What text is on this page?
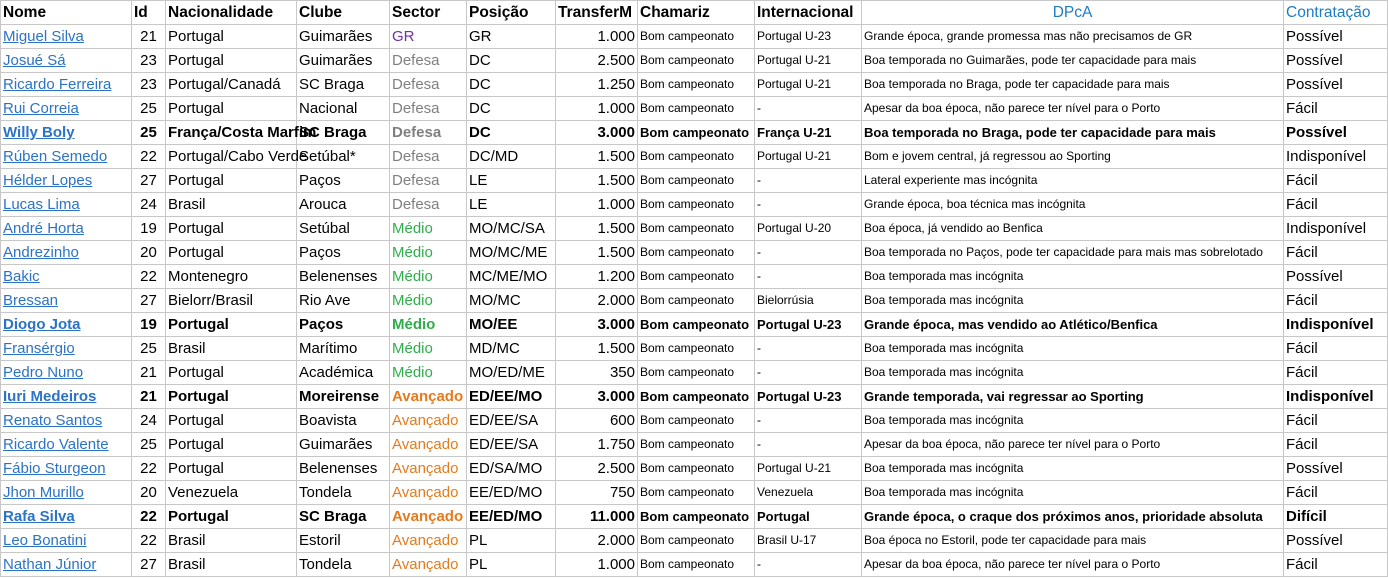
Nome	Id	Nacionalidade	Clube	Sector	Posição	TransferM	Chamariz	Internacional	DPcA	Contratação
Miguel Silva	21	Portugal	Guimarães	GR	GR	1.000	Bom campeonato	Portugal U-23	Grande época, grande promessa mas não precisamos de GR	Possível
Josué Sá	23	Portugal	Guimarães	Defesa	DC	2.500	Bom campeonato	Portugal U-21	Boa temporada no Guimarães, pode ter capacidade para mais	Possível
Ricardo Ferreira	23	Portugal/Canadá	SC Braga	Defesa	DC	1.250	Bom campeonato	Portugal U-21	Boa temporada no Braga, pode ter capacidade para mais	Possível
Rui Correia	25	Portugal	Nacional	Defesa	DC	1.000	Bom campeonato	-	Apesar da boa época, não parece ter nível para o Porto	Fácil
Willy Boly	25	França/Costa Marfim	SC Braga	Defesa	DC	3.000	Bom campeonato	França U-21	Boa temporada no Braga, pode ter capacidade para mais	Possível
Rúben Semedo	22	Portugal/Cabo Verde	Setúbal*	Defesa	DC/MD	1.500	Bom campeonato	Portugal U-21	Bom e jovem central, já regressou ao Sporting	Indisponível
Hélder Lopes	27	Portugal	Paços	Defesa	LE	1.500	Bom campeonato	-	Lateral experiente mas incógnita	Fácil
Lucas Lima	24	Brasil	Arouca	Defesa	LE	1.000	Bom campeonato	-	Grande época, boa técnica mas incógnita	Fácil
André Horta	19	Portugal	Setúbal	Médio	MO/MC/SA	1.500	Bom campeonato	Portugal U-20	Boa época, já vendido ao Benfica	Indisponível
Andrezinho	20	Portugal	Paços	Médio	MO/MC/ME	1.500	Bom campeonato	-	Boa temporada no Paços, pode ter capacidade para mais mas sobrelotado	Fácil
Bakic	22	Montenegro	Belenenses	Médio	MC/ME/MO	1.200	Bom campeonato	-	Boa temporada mas incógnita	Possível
Bressan	27	Bielorr/Brasil	Rio Ave	Médio	MO/MC	2.000	Bom campeonato	Bielorrúsia	Boa temporada mas incógnita	Fácil
Diogo Jota	19	Portugal	Paços	Médio	MO/EE	3.000	Bom campeonato	Portugal U-23	Grande época, mas vendido ao Atlético/Benfica	Indisponível
Fransérgio	25	Brasil	Marítimo	Médio	MD/MC	1.500	Bom campeonato	-	Boa temporada mas incógnita	Fácil
Pedro Nuno	21	Portugal	Académica	Médio	MO/ED/ME	350	Bom campeonato	-	Boa temporada mas incógnita	Fácil
Iuri Medeiros	21	Portugal	Moreirense	Avançado	ED/EE/MO	3.000	Bom campeonato	Portugal U-23	Grande temporada, vai regressar ao Sporting	Indisponível
Renato Santos	24	Portugal	Boavista	Avançado	ED/EE/SA	600	Bom campeonato	-	Boa temporada mas incógnita	Fácil
Ricardo Valente	25	Portugal	Guimarães	Avançado	ED/EE/SA	1.750	Bom campeonato	-	Apesar da boa época, não parece ter nível para o Porto	Fácil
Fábio Sturgeon	22	Portugal	Belenenses	Avançado	ED/SA/MO	2.500	Bom campeonato	Portugal U-21	Boa temporada mas incógnita	Possível
Jhon Murillo	20	Venezuela	Tondela	Avançado	EE/ED/MO	750	Bom campeonato	Venezuela	Boa temporada mas incógnita	Fácil
Rafa Silva	22	Portugal	SC Braga	Avançado	EE/ED/MO	11.000	Bom campeonato	Portugal	Grande época, o craque dos próximos anos, prioridade absoluta	Difícil
Leo Bonatini	22	Brasil	Estoril	Avançado	PL	2.000	Bom campeonato	Brasil U-17	Boa época no Estoril, pode ter capacidade para mais	Possível
Nathan Júnior	27	Brasil	Tondela	Avançado	PL	1.000	Bom campeonato	-	Apesar da boa época, não parece ter nível para o Porto	Fácil
